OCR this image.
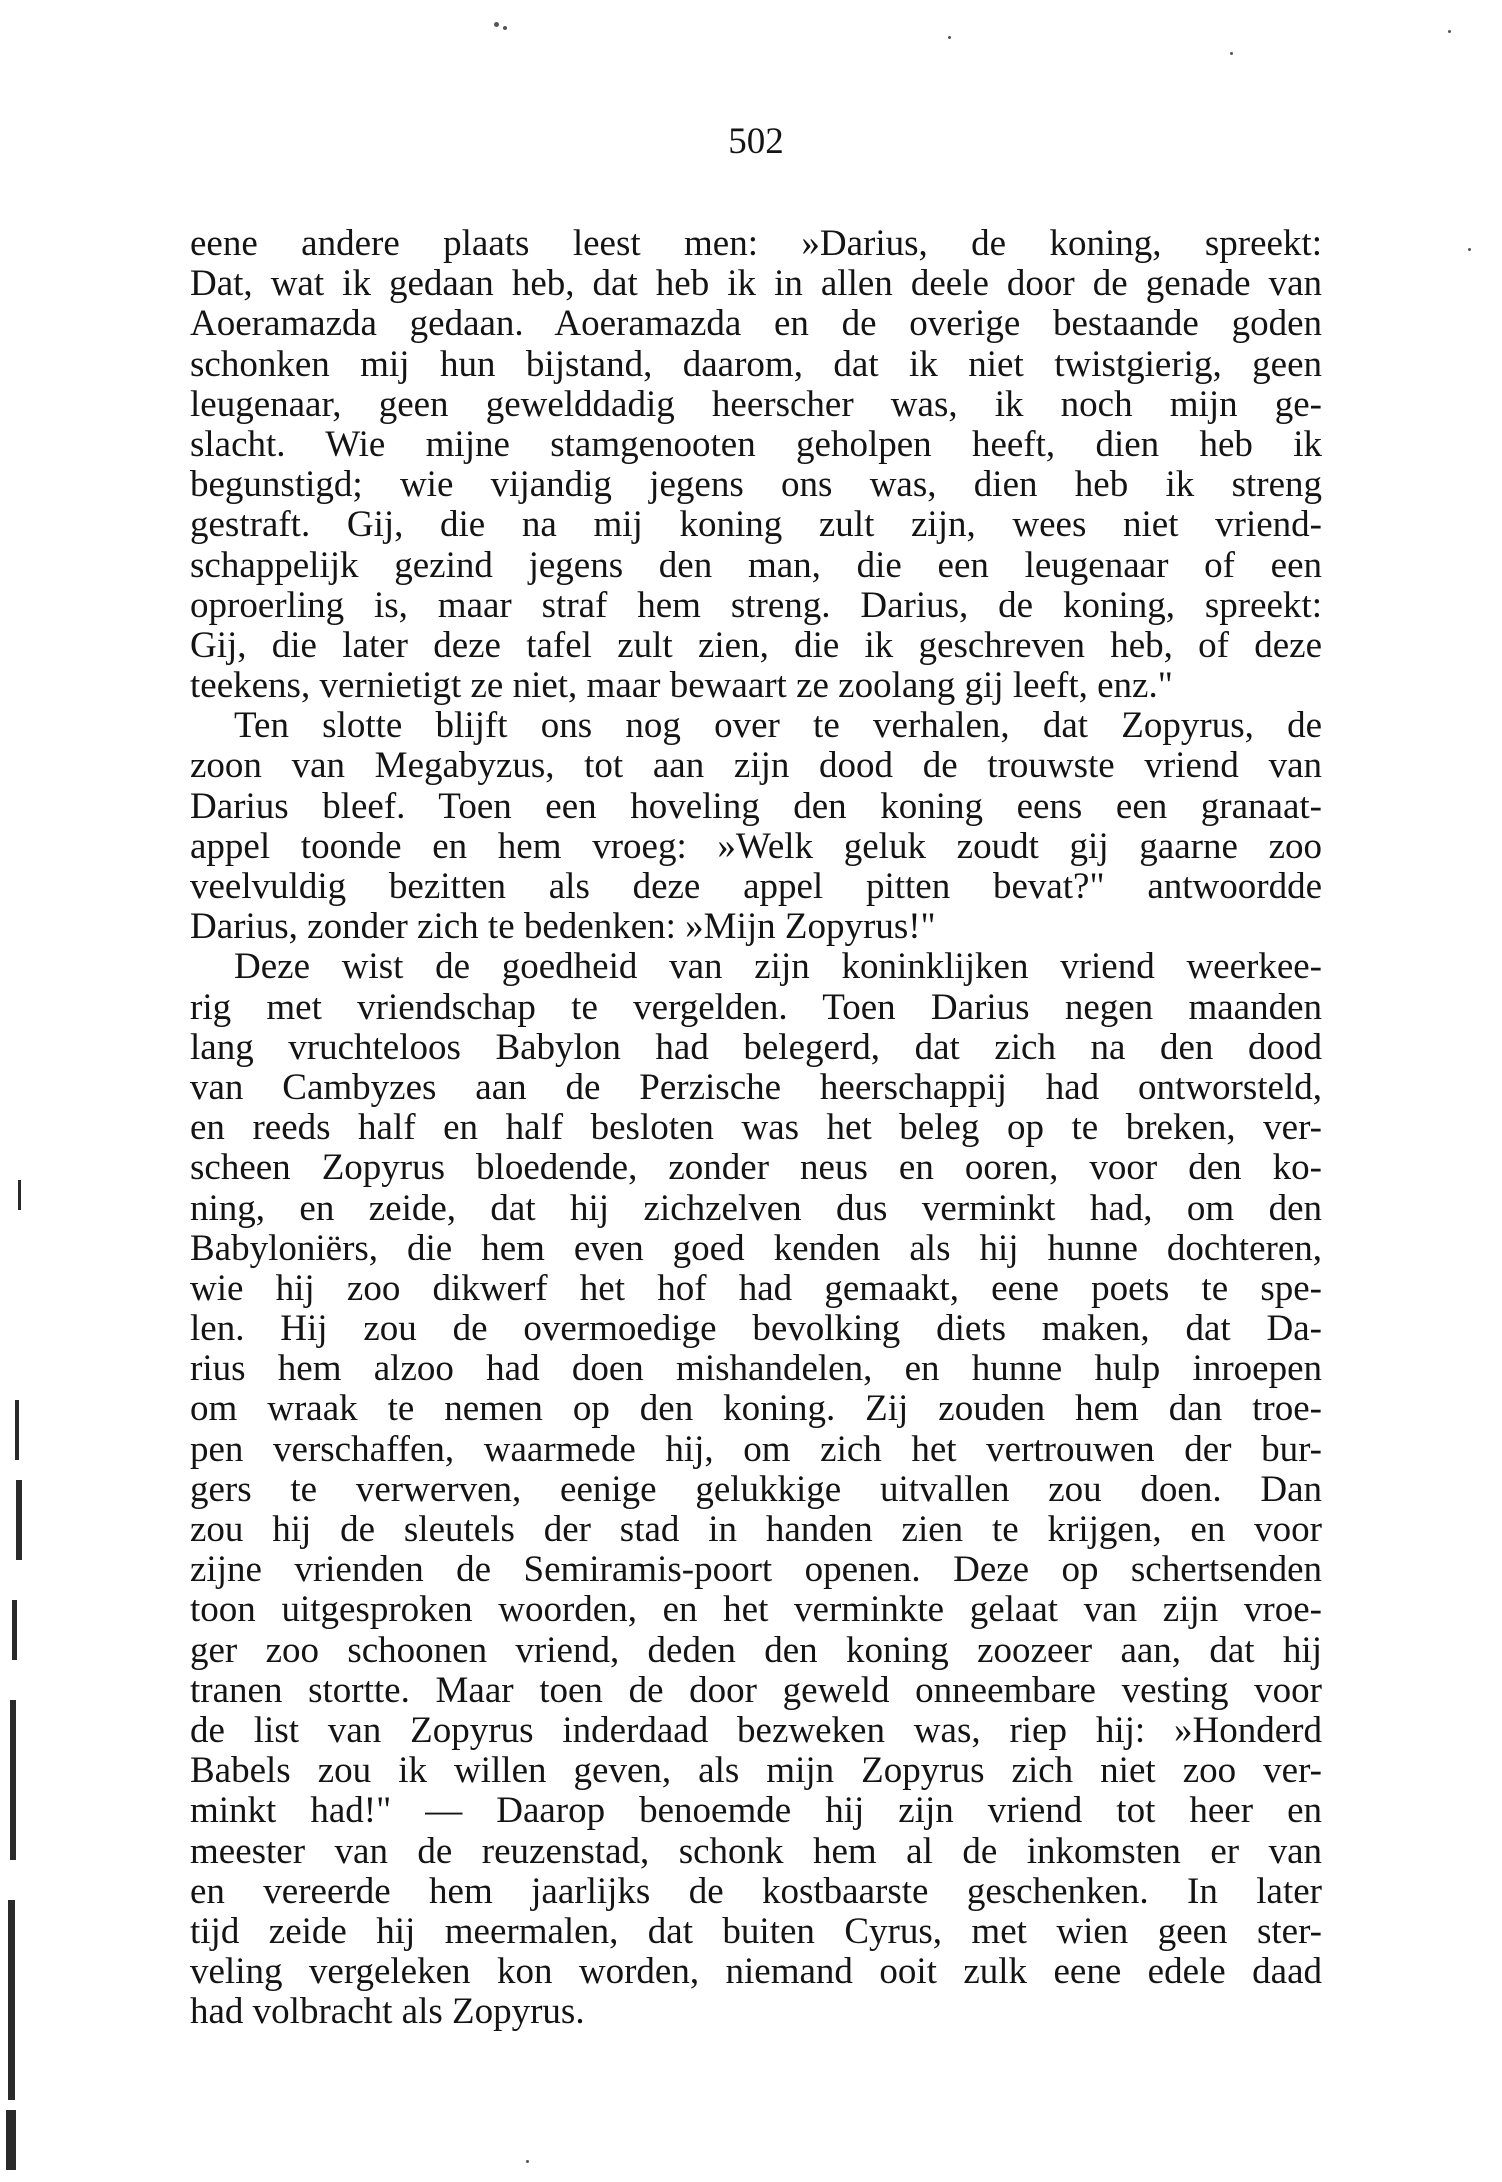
502
eene andere plaats leest men: »Darius, de koning, spreekt:
Dat, wat ik gedaan heb, dat heb ik in allen deele door de genade van
Aoeramazda gedaan. Aoeramazda en de overige bestaande goden
schonken mij hun bijstand, daarom, dat ik niet twistgierig, geen
leugenaar, geen gewelddadig heerscher was, ik noch mijn ge-
slacht. Wie mijne stamgenooten geholpen heeft, dien heb ik
begunstigd; wie vijandig jegens ons was, dien heb ik streng
gestraft. Gij, die na mij koning zult zijn, wees niet vriend-
schappelijk gezind jegens den man, die een leugenaar of een
oproerling is, maar straf hem streng. Darius, de koning, spreekt:
Gij, die later deze tafel zult zien, die ik geschreven heb, of deze
teekens, vernietigt ze niet, maar bewaart ze zoolang gij leeft, enz."
Ten slotte blijft ons nog over te verhalen, dat Zopyrus, de
zoon van Megabyzus, tot aan zijn dood de trouwste vriend van
Darius bleef. Toen een hoveling den koning eens een granaat-
appel toonde en hem vroeg: »Welk geluk zoudt gij gaarne zoo
veelvuldig bezitten als deze appel pitten bevat?" antwoordde
Darius, zonder zich te bedenken: »Mijn Zopyrus!"
Deze wist de goedheid van zijn koninklijken vriend weerkee-
rig met vriendschap te vergelden. Toen Darius negen maanden
lang vruchteloos Babylon had belegerd, dat zich na den dood
van Cambyzes aan de Perzische heerschappij had ontworsteld,
en reeds half en half besloten was het beleg op te breken, ver-
scheen Zopyrus bloedende, zonder neus en ooren, voor den ko-
ning, en zeide, dat hij zichzelven dus verminkt had, om den
Babyloniërs, die hem even goed kenden als hij hunne dochteren,
wie hij zoo dikwerf het hof had gemaakt, eene poets te spe-
len. Hij zou de overmoedige bevolking diets maken, dat Da-
rius hem alzoo had doen mishandelen, en hunne hulp inroepen
om wraak te nemen op den koning. Zij zouden hem dan troe-
pen verschaffen, waarmede hij, om zich het vertrouwen der bur-
gers te verwerven, eenige gelukkige uitvallen zou doen. Dan
zou hij de sleutels der stad in handen zien te krijgen, en voor
zijne vrienden de Semiramis-poort openen. Deze op schertsenden
toon uitgesproken woorden, en het verminkte gelaat van zijn vroe-
ger zoo schoonen vriend, deden den koning zoozeer aan, dat hij
tranen stortte. Maar toen de door geweld onneembare vesting voor
de list van Zopyrus inderdaad bezweken was, riep hij: »Honderd
Babels zou ik willen geven, als mijn Zopyrus zich niet zoo ver-
minkt had!" — Daarop benoemde hij zijn vriend tot heer en
meester van de reuzenstad, schonk hem al de inkomsten er van
en vereerde hem jaarlijks de kostbaarste geschenken. In later
tijd zeide hij meermalen, dat buiten Cyrus, met wien geen ster-
veling vergeleken kon worden, niemand ooit zulk eene edele daad
had volbracht als Zopyrus.
